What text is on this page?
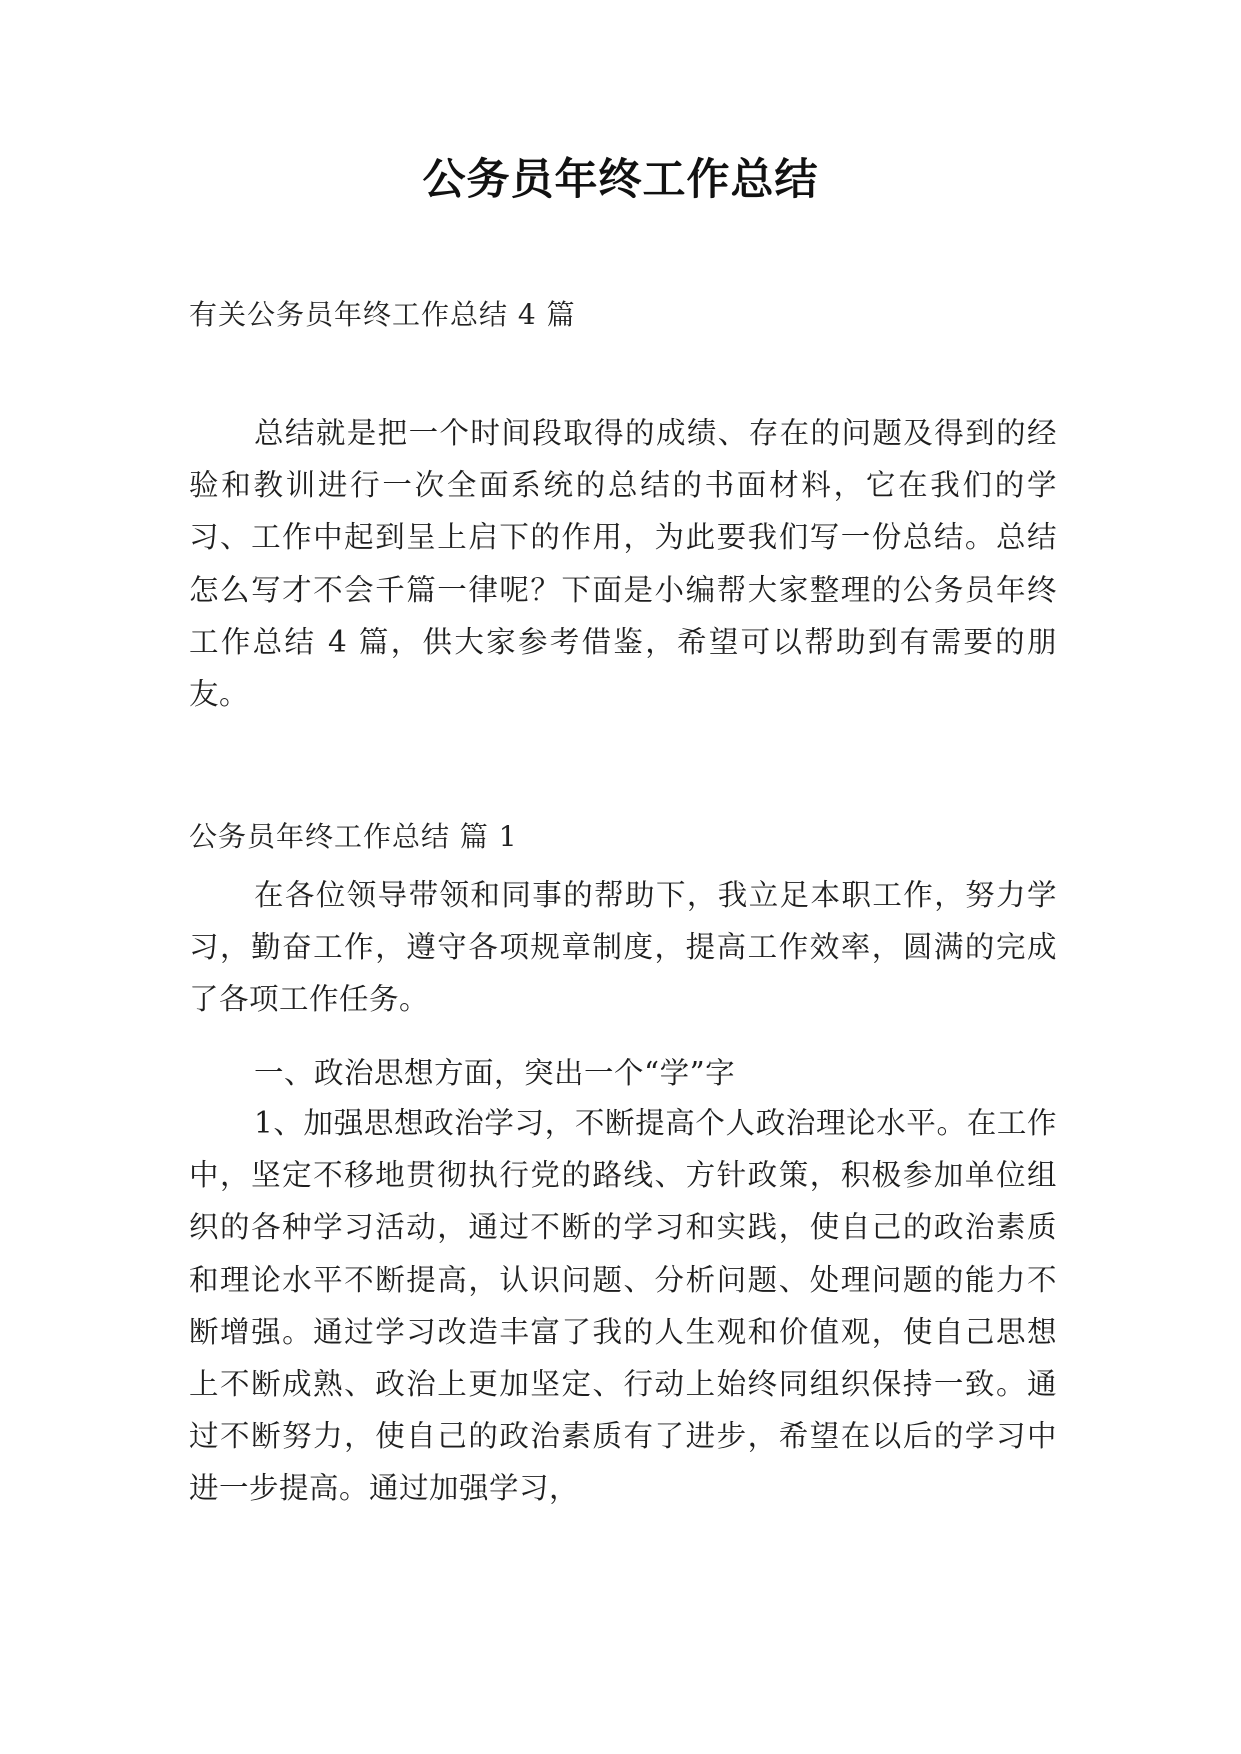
公务员年终工作总结

有关公务员年终工作总结 4 篇

总结就是把一个时间段取得的成绩、存在的问题及得到的经验和教训进行一次全面系统的总结的书面材料，它在我们的学习、工作中起到呈上启下的作用，为此要我们写一份总结。总结怎么写才不会千篇一律呢？下面是小编帮大家整理的公务员年终工作总结 4 篇，供大家参考借鉴，希望可以帮助到有需要的朋友。

公务员年终工作总结 篇 1

在各位领导带领和同事的帮助下，我立足本职工作，努力学习，勤奋工作，遵守各项规章制度，提高工作效率，圆满的完成了各项工作任务。

一、政治思想方面，突出一个“学”字

1、加强思想政治学习，不断提高个人政治理论水平。在工作中，坚定不移地贯彻执行党的路线、方针政策，积极参加单位组织的各种学习活动，通过不断的学习和实践，使自己的政治素质和理论水平不断提高，认识问题、分析问题、处理问题的能力不断增强。通过学习改造丰富了我的人生观和价值观，使自己思想上不断成熟、政治上更加坚定、行动上始终同组织保持一致。通过不断努力，使自己的政治素质有了进步，希望在以后的学习中进一步提高。通过加强学习，
